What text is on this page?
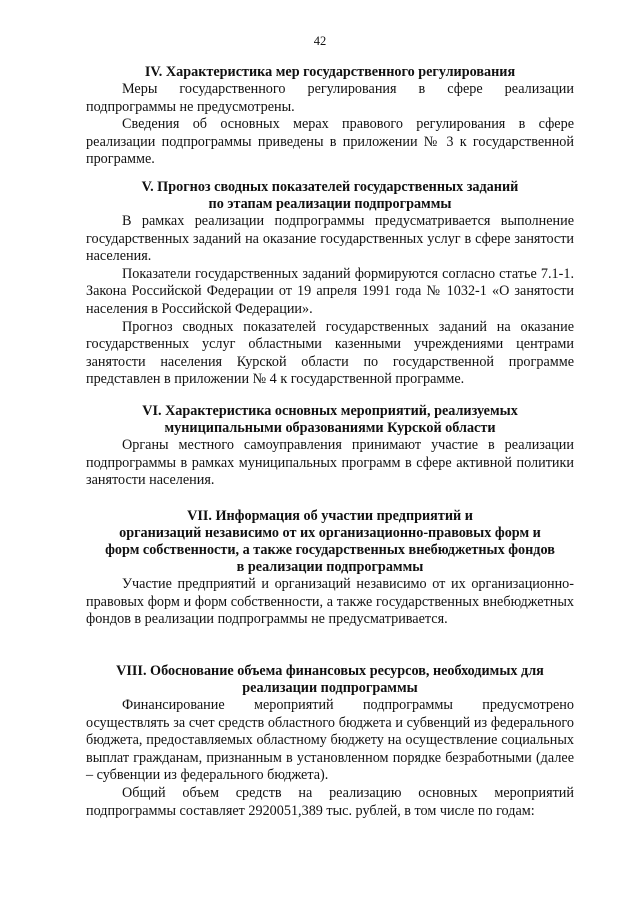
42

IV. Характеристика мер государственного регулирования

Меры государственного регулирования в сфере реализации подпрограммы не предусмотрены.

Сведения об основных мерах правового регулирования в сфере реализации подпрограммы приведены в приложении № 3 к государственной программе.

V. Прогноз сводных показателей государственных заданий
по этапам реализации подпрограммы

В рамках реализации подпрограммы предусматривается выполнение государственных заданий на оказание государственных услуг в сфере занятости населения.

Показатели государственных заданий формируются согласно статье 7.1-1. Закона Российской Федерации от 19 апреля 1991 года № 1032-1 «О занятости населения в Российской Федерации».

Прогноз сводных показателей государственных заданий на оказание государственных услуг областными казенными учреждениями центрами занятости населения Курской области по государственной программе представлен в приложении № 4 к государственной программе.

VI. Характеристика основных мероприятий, реализуемых
муниципальными образованиями Курской области

Органы местного самоуправления принимают участие в реализации подпрограммы в рамках муниципальных программ в сфере активной политики занятости населения.

VII. Информация об участии предприятий и
организаций независимо от их организационно-правовых форм и
форм собственности, а также государственных внебюджетных фондов
в реализации подпрограммы

Участие предприятий и организаций независимо от их организационно-правовых форм и форм собственности, а также государственных внебюджетных фондов в реализации подпрограммы не предусматривается.

VIII. Обоснование объема финансовых ресурсов, необходимых для
реализации подпрограммы

Финансирование мероприятий подпрограммы предусмотрено осуществлять за счет средств областного бюджета и субвенций из федерального бюджета, предоставляемых областному бюджету на осуществление социальных выплат гражданам, признанным в установленном порядке безработными (далее – субвенции из федерального бюджета).

Общий объем средств на реализацию основных мероприятий подпрограммы составляет 2920051,389 тыс. рублей, в том числе по годам:
